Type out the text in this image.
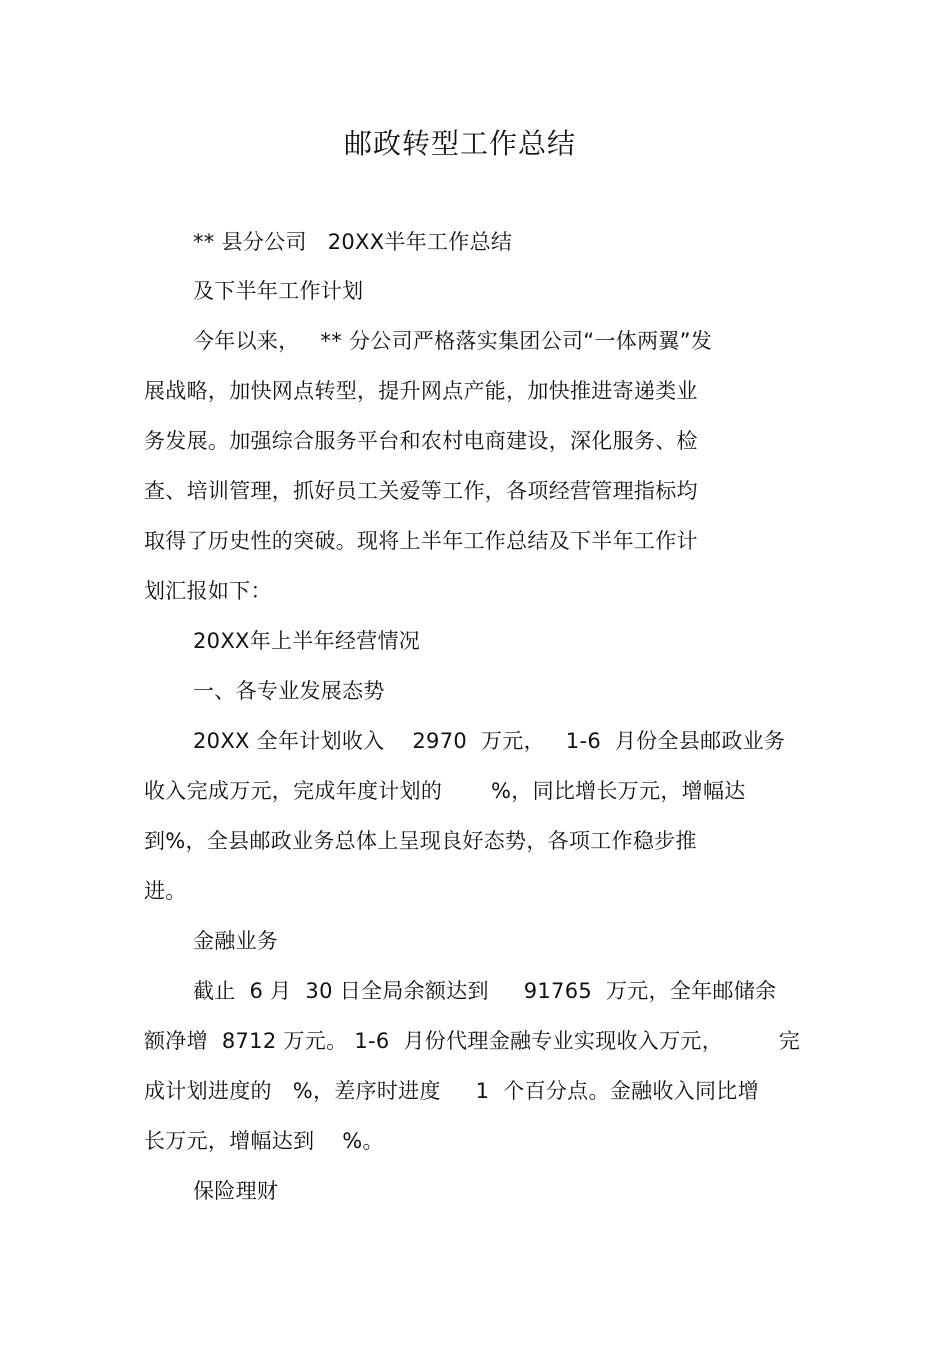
邮政转型工作总结
** 县分公司   20XX半年工作总结
及下半年工作计划
今年以来，   ** 分公司严格落实集团公司“一体两翼”发
展战略，加快网点转型，提升网点产能，加快推进寄递类业
务发展。加强综合服务平台和农村电商建设，深化服务、检
查、培训管理，抓好员工关爱等工作，各项经营管理指标均
取得了历史性的突破。现将上半年工作总结及下半年工作计
划汇报如下：
20XX年上半年经营情况
一、各专业发展态势
20XX 全年计划收入    2970  万元，   1-6  月份全县邮政业务
收入完成万元，完成年度计划的       %，同比增长万元，增幅达
到%，全县邮政业务总体上呈现良好态势，各项工作稳步推
进。
金融业务
截止  6 月  30 日全局余额达到     91765  万元，全年邮储余
额净增  8712 万元。 1-6  月份代理金融专业实现收入万元，        完
成计划进度的   %，差序时进度     1  个百分点。金融收入同比增
长万元，增幅达到    %。
保险理财
